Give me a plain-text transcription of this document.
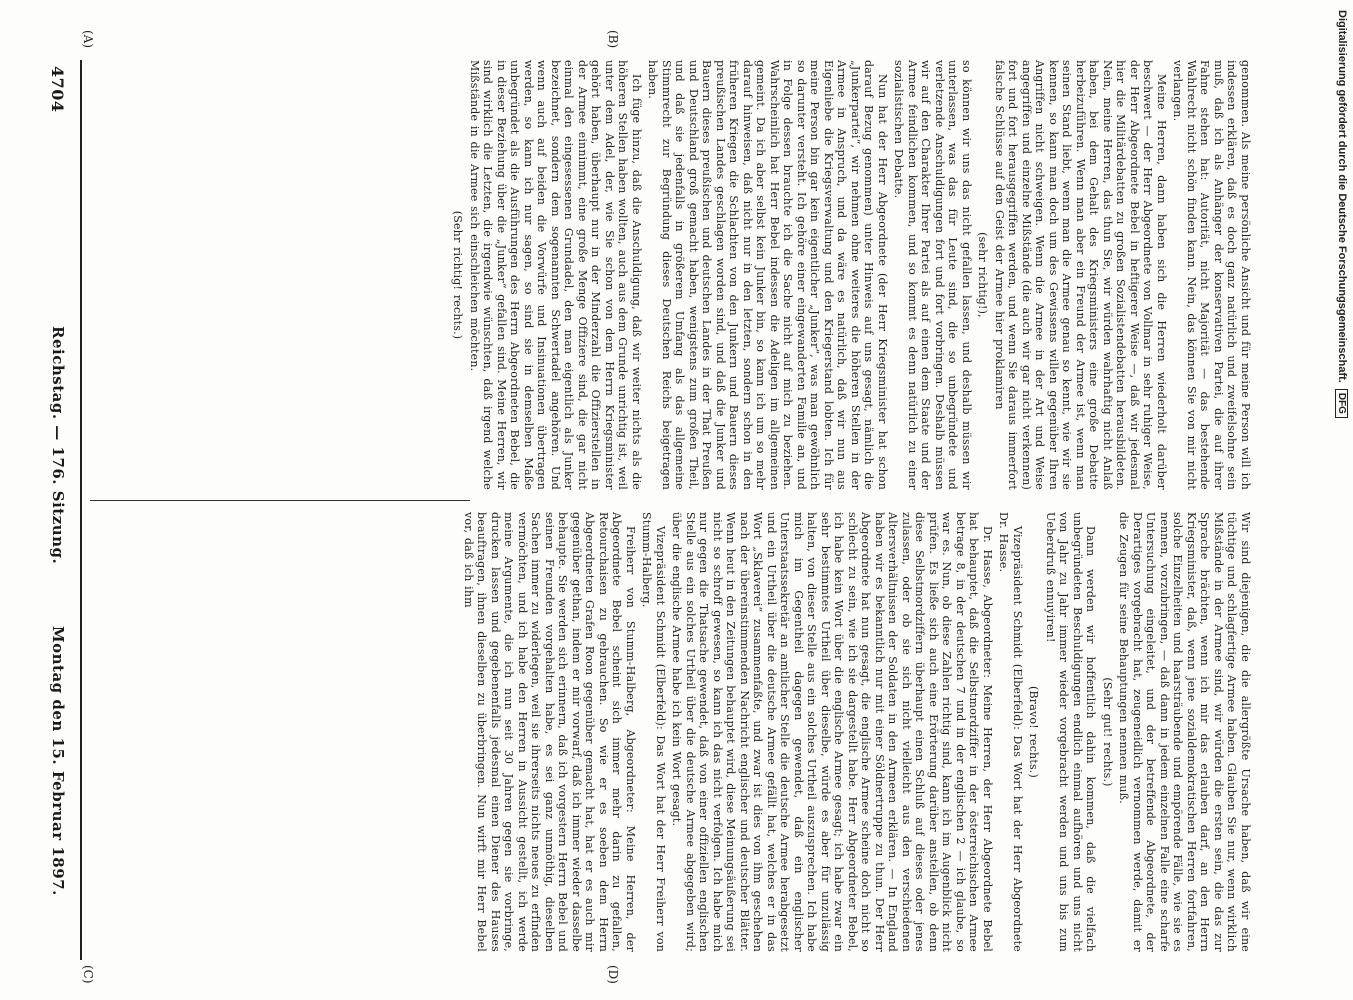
4704
Reichstag. — 176. Sitzung.
Montag den 15. Februar 1897.
(A)	(B)
(C)	(D)

genommen. Als meine persönliche Ansicht und für meine Person will ich indessen erklären, daß es doch ganz natürlich und zweifelsohne sein muß, daß ich als Anhänger der konservativen Partei, die auf ihrer Fahne stehen hat: Autorität, nicht Majorität — das bestehende Wahlrecht nicht schön finden kann. Nein, das können Sie von mir nicht verlangen.

Meine Herren, dann haben sich die Herren wiederholt darüber beschwert — der Herr Abgeordnete von Vollmar in sehr ruhiger Weise, der Herr Abgeordnete Bebel in heftigerer Weise —, daß wir jedesmal hier die Militärdebatten zu großen Sozialistendebatten herausbildeten. Nein, meine Herren, das thun Sie, wir würden wahrhaftig nicht Anlaß haben, bei dem Gehalt des Kriegsministers eine große Debatte herbeizuführen. Wenn man aber ein Freund der Armee ist, wenn man seinen Stand liebt, wenn man die Armee genau so kennt, wie wir sie kennen, so kann man doch um des Gewissens willen gegenüber Ihren Angriffen nicht schweigen. Wenn die Armee in der Art und Weise angegriffen und einzelne Mißstände (die auch wir gar nicht verkennen) fort und fort herausgegriffen werden, und wenn Sie daraus immerfort falsche Schlüsse auf den Geist der Armee hier proklamiren

(sehr richtig!),

so können wir uns das nicht gefallen lassen, und deshalb müssen wir unterlassen, was das für Leute sind, die so unbegründete und verletzende Anschuldigungen fort und fort vorbringen. Deshalb müssen wir auf den Charakter Ihrer Partei als auf einen dem Staate und der Armee feindlichen kommen, und so kommt es denn natürlich zu einer sozialistischen Debatte.

Nun hat der Herr Abgeordnete (der Herr Kriegsminister hat schon darauf Bezug genommen) unter Hinweis auf uns gesagt, nämlich die „Junkerpartei“, wir nehmen ohne weiteres die höheren Stellen in der Armee in Anspruch, und da wäre es natürlich, daß wir nun aus Eigenliebe die Kriegsverwaltung und den Kriegerstand lobten. Ich für meine Person bin gar kein eigentlicher „Junker“, was man gewöhnlich so darunter versteht. Ich gehöre einer eingewanderten Familie an, und in Folge dessen brauchte ich die Sache nicht auf mich zu beziehen. Wahrscheinlich hat Herr Bebel indessen die Adeligen im allgemeinen gemeint. Da ich aber selbst kein Junker bin, so kann ich um so mehr darauf hinweisen, daß nicht nur in den letzten, sondern schon in den früheren Kriegen die Schlachten von den Junkern und Bauern dieses preußischen Landes geschlagen worden sind, und daß die Junker und Bauern dieses preußischen und deutschen Landes in der That Preußen und Deutschland groß gemacht haben, wenigstens zum großen Theil, und daß sie jedenfalls in größerem Umfang als das allgemeine Stimmrecht zur Begründung dieses Deutschen Reichs beigetragen haben.

Ich füge hinzu, daß die Anschuldigung, daß wir weiter nichts als die höheren Stellen haben wollten, auch aus dem Grunde unrichtig ist, weil unter dem Adel, der, wie Sie schon von dem Herrn Kriegsminister gehört haben, überhaupt nur in der Minderzahl die Offizierstellen in der Armee einnimmt, eine große Menge Offiziere sind, die gar nicht einmal den eingesessenen Grundadel, den man eigentlich als Junker bezeichnet, sondern dem sogenannten Schwertadel angehören. Und wenn auch auf beiden die Vorwürfe und Insinuationen übertragen werden, so kann ich nur sagen, so sind sie in demselben Maße unbegründet als die Ausführungen des Herrn Abgeordneten Bebel, die in dieser Beziehung über die „Junker“ gefallen sind. Meine Herren, wir sind wirklich die Letzten, die irgendwie wünschten, daß irgend welche Mißstände in die Armee sich einschleichen möchten.

(Sehr richtig! rechts.)

Wir sind diejenigen, die die allergrößte Ursache haben, daß wir eine tüchtige und schlagfertige Armee haben. Glauben Sie nur, wenn wirklich Mißstände in der Armee sind, wir würden die ersten sein, die das zur Sprache brächten, wenn ich mir das erlauben darf, an den Herrn Kriegsminister, daß, wenn jene sozialdemokratischen Herren fortfahren, solche Einzelheiten und haarsträubende und empörende Fälle, wie sie es nennen, vorzubringen, — daß dann in jedem einzelnen Falle eine scharfe Untersuchung eingeleitet, und der betreffende Abgeordnete, der Derartiges vorgebracht hat, zeugeneidlich vernommen werde, damit er die Zeugen für seine Behauptungen nennen muß.

(Sehr gut! rechts.)

Dann werden wir hoffentlich dahin kommen, daß die vielfach unbegründeten Beschuldigungen endlich einmal aufhören und uns nicht von Jahr zu Jahr immer wieder vorgebracht werden und uns bis zum Ueberdruß ennuyiren!

(Bravo! rechts.)

Vizepräsident Schmidt (Elberfeld): Das Wort hat der Herr Abgeordnete Dr. Hasse.

Dr. Hasse, Abgeordneter: Meine Herren, der Herr Abgeordnete Bebel hat behauptet, daß die Selbstmordziffer in der österreichischen Armee betrage 8, in der deutschen 7 und in der englischen 2 — ich glaube, so war es. Nun, ob diese Zahlen richtig sind, kann ich im Augenblick nicht prüfen. Es ließe sich auch eine Erörterung darüber anstellen, ob denn diese Selbstmordziffern überhaupt einen Schluß auf dieses oder jenes zulassen, oder ob sie sich nicht vielleicht aus den verschiedenen Altersverhältnissen der Soldaten in den Armeen erklären. — In England haben wir es bekanntlich nur mit einer Söldnertruppe zu thun. Der Herr Abgeordnete hat nun gesagt, die englische Armee scheine doch nicht so schlecht zu sein, wie ich sie dargestellt habe. Herr Abgeordneter Bebel, ich habe kein Wort über die englische Armee gesagt; ich habe zwar ein sehr bestimmtes Urtheil über dieselbe, würde es aber für unzulässig halten, von dieser Stelle aus ein solches Urtheil auszusprechen. Ich habe mich im Gegentheil dagegen gewendet, daß ein englischer Unterstaatssekretär an amtlicher Stelle die deutsche Armee herabgesetzt und ein Urtheil über die deutsche Armee gefällt hat, welches er in das Wort „Sklaverei“ zusammenfaßte, und zwar ist dies von ihm geschehen nach der übereinstimmenden Nachricht englischer und deutscher Blätter. Wenn heut in den Zeitungen behauptet wird, diese Meinungsäußerung sei nicht so schroff gewesen, so kann ich das nicht verfolgen. Ich habe mich nur gegen die Thatsache gewendet, daß von einer offiziellen englischen Stelle aus ein solches Urtheil über die deutsche Armee abgegeben wird; über die englische Armee habe ich kein Wort gesagt.

Vizepräsident Schmidt (Elberfeld): Das Wort hat der Herr Freiherr von Stumm-Halberg.

Freiherr von Stumm-Halberg, Abgeordneter: Meine Herren, der Abgeordnete Bebel scheint sich immer mehr darin zu gefallen, Retourchaisen zu gebrauchen. So wie er es soeben dem Herrn Abgeordneten Grafen Roon gegenüber gemacht hat, hat er es auch mir gegenüber gethan, indem er mir vorwarf, daß ich immer wieder dasselbe behaupte. Sie werden sich erinnern, daß ich vorgestern Herrn Bebel und seinen Freunden vorgehalten habe, es sei ganz unmöthig, dieselben Sachen immer zu widerlegen, weil sie ihrerseits nichts neues zu erfinden vermöchten, und ich habe den Herren in Aussicht gestellt, ich werde meine Argumente, die ich nun seit 30 Jahren gegen sie vorbringe, drucken lassen und gegebenenfalls jedesmal einen Diener des Hauses beauftragen, ihnen dieselben zu überbringen. Nun wirft mir Herr Bebel vor, daß ich ihm

Digitalisierung gefördert durch die Deutsche Forschungsgemeinschaft.DFG
